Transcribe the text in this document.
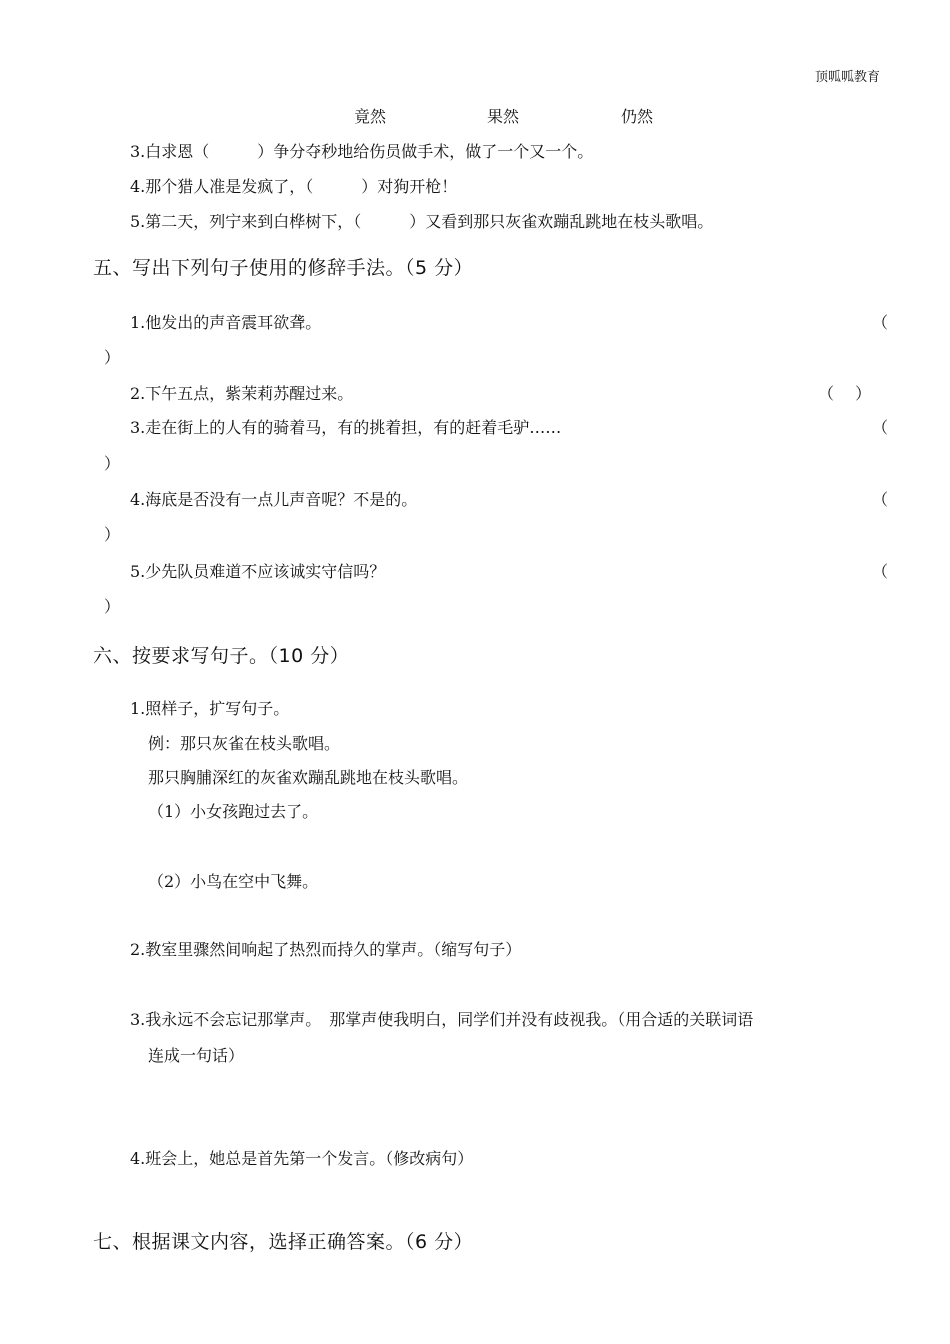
顶呱呱教育
竟然	果然	仍然
3.白求恩（　　　）争分夺秒地给伤员做手术，做了一个又一个。
4.那个猎人准是发疯了，（　　　）对狗开枪！
5.第二天，列宁来到白桦树下，（　　　）又看到那只灰雀欢蹦乱跳地在枝头歌唱。
五、写出下列句子使用的修辞手法。（5 分）
1.他发出的声音震耳欲聋。	（
）
2.下午五点，紫茉莉苏醒过来。	（　 ）
3.走在街上的人有的骑着马，有的挑着担，有的赶着毛驴……	（
）
4.海底是否没有一点儿声音呢？不是的。	（
）
5.少先队员难道不应该诚实守信吗？	（
）
六、按要求写句子。（10 分）
1.照样子，扩写句子。
例：那只灰雀在枝头歌唱。
那只胸脯深红的灰雀欢蹦乱跳地在枝头歌唱。
（1）小女孩跑过去了。
（2）小鸟在空中飞舞。
2.教室里骤然间响起了热烈而持久的掌声。（缩写句子）
3.我永远不会忘记那掌声。　那掌声使我明白，同学们并没有歧视我。（用合适的关联词语
连成一句话）
4.班会上，她总是首先第一个发言。（修改病句）
七、根据课文内容，选择正确答案。（6 分）
